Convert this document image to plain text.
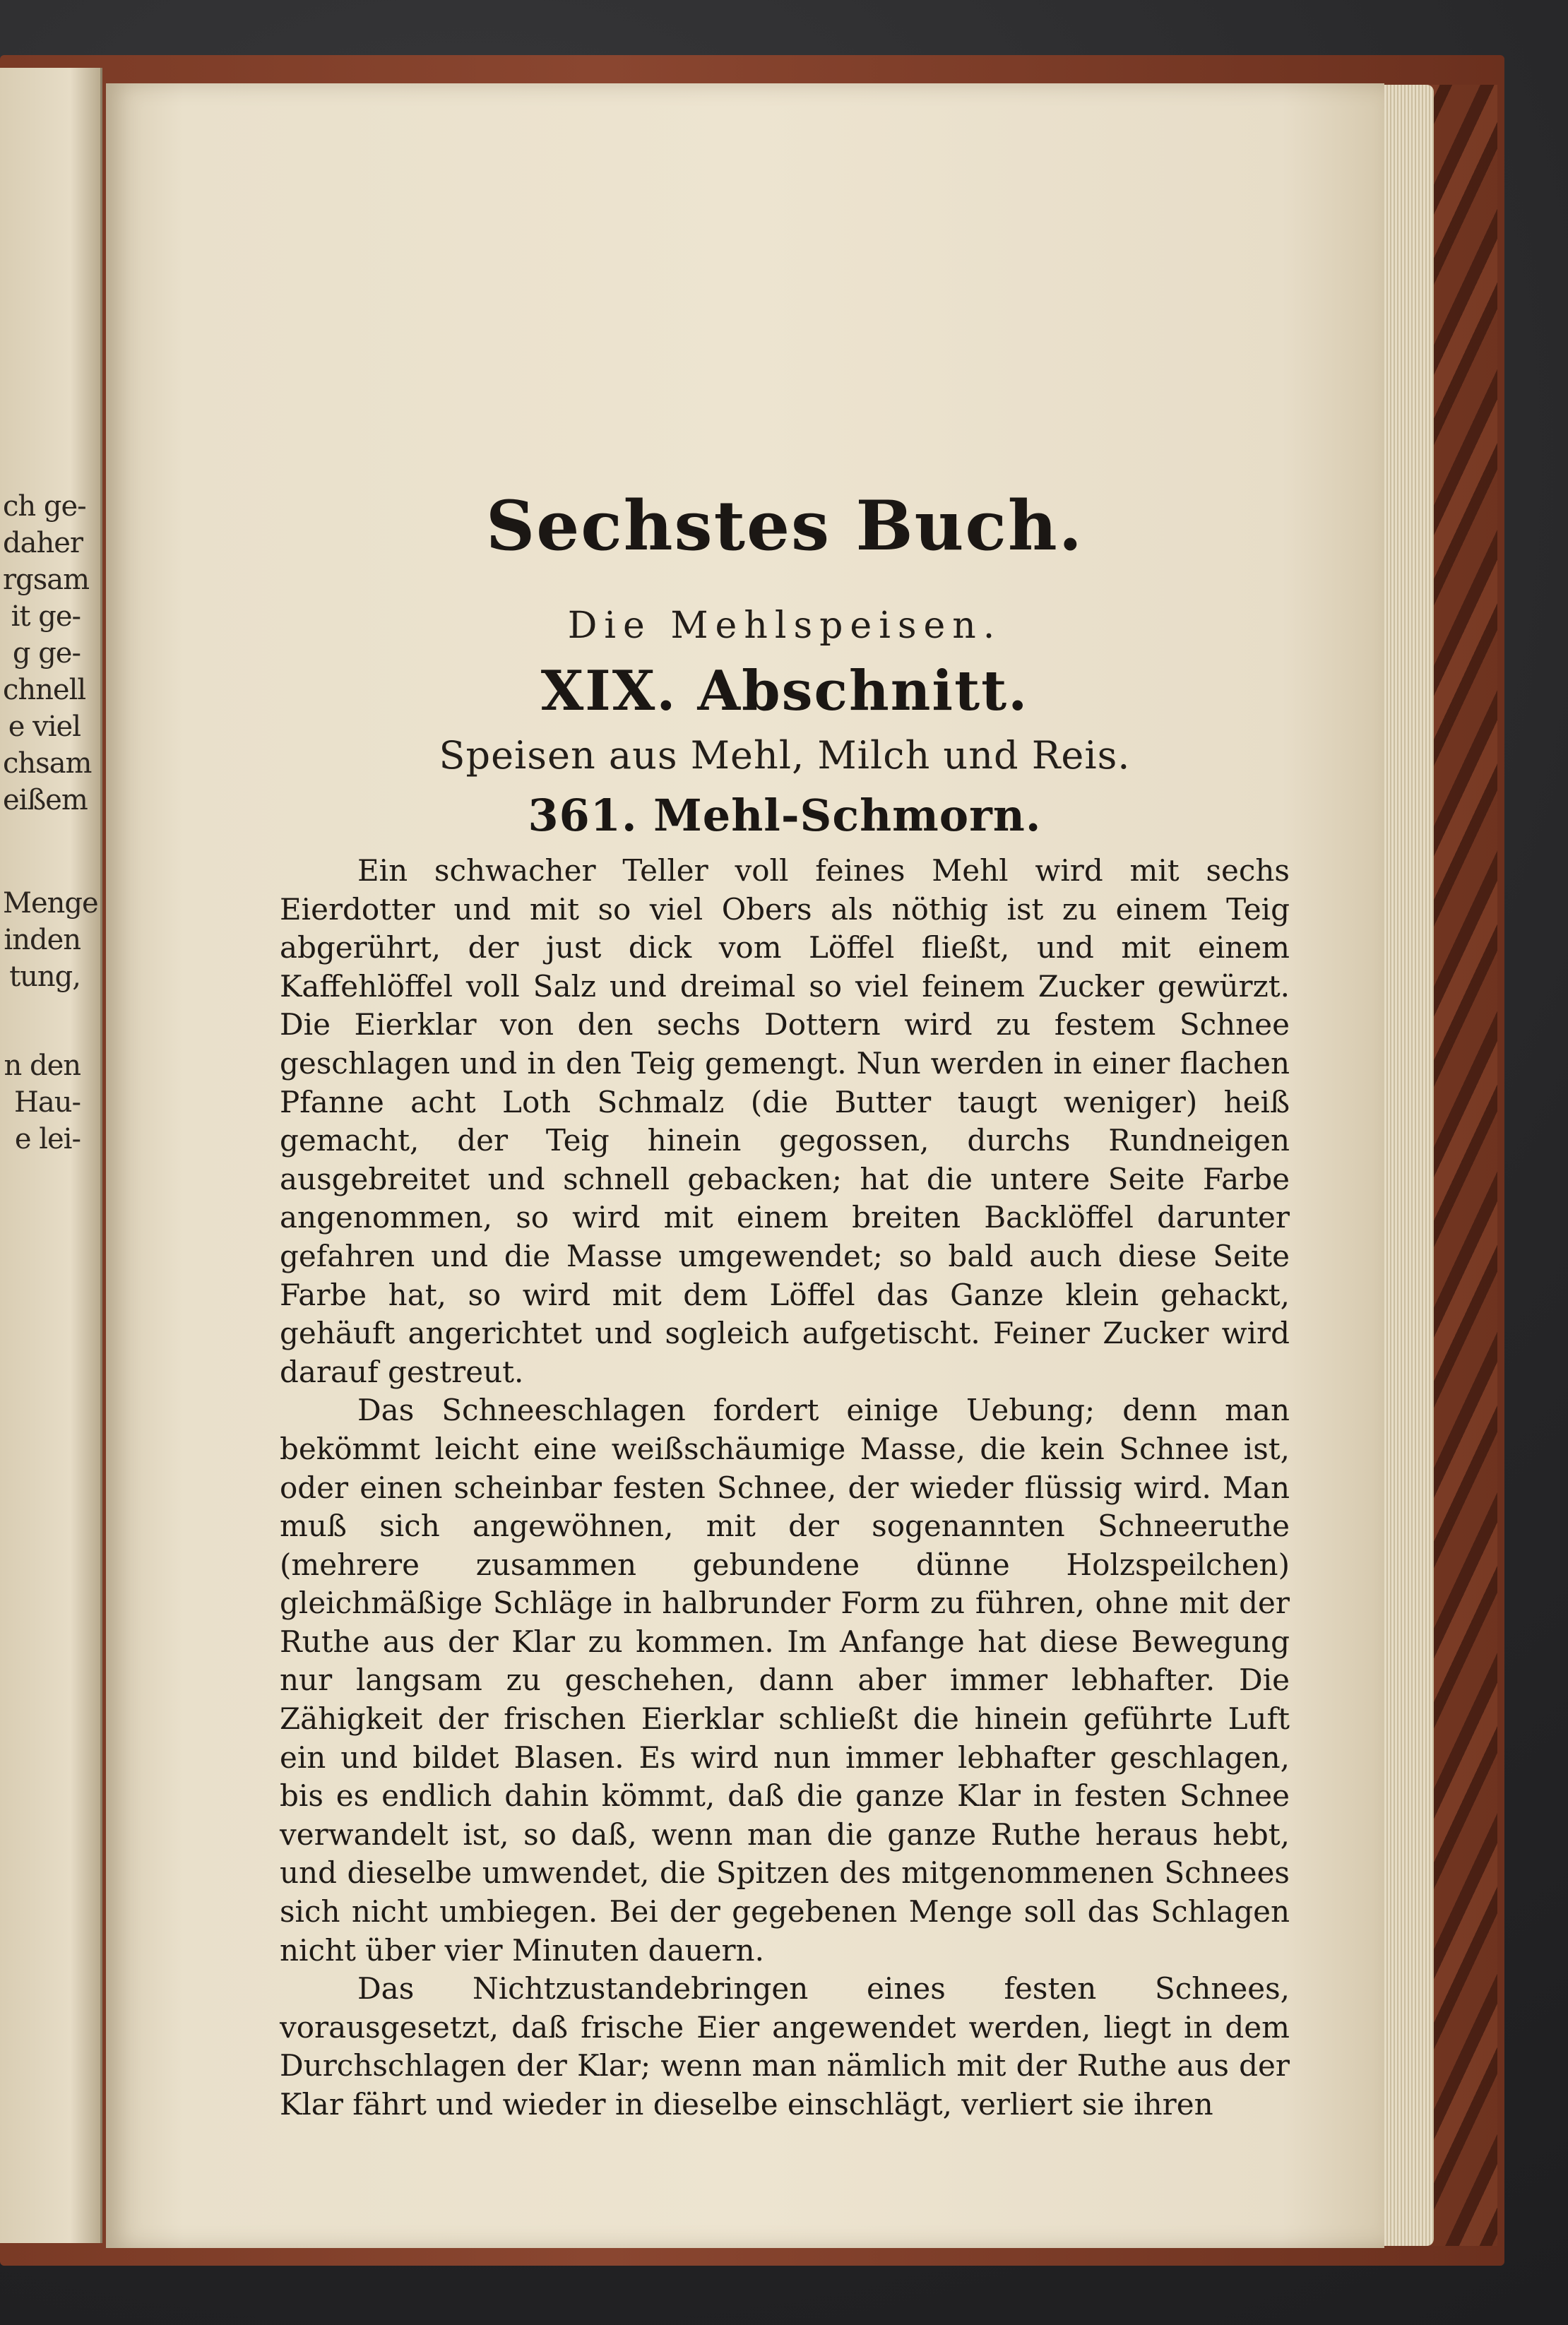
ch ge-
daher
rgsam
it ge-
g ge-
chnell
e viel
chsam
eißem
Menge
inden
tung,
n den
Hau-
e lei-
Sechstes Buch.
Die Mehlspeisen.
XIX. Abschnitt.
Speisen aus Mehl, Milch und Reis.
361. Mehl-Schmorn.

Ein schwacher Teller voll feines Mehl wird mit sechs Eierdotter und mit so viel Obers als nöthig ist zu einem Teig abgerührt, der just dick vom Löffel fließt, und mit einem Kaffehlöffel voll Salz und dreimal so viel feinem Zucker gewürzt. Die Eierklar von den sechs Dottern wird zu festem Schnee geschlagen und in den Teig gemengt. Nun werden in einer flachen Pfanne acht Loth Schmalz (die Butter taugt weniger) heiß gemacht, der Teig hinein gegossen, durchs Rundneigen ausgebreitet und schnell gebacken; hat die untere Seite Farbe angenommen, so wird mit einem breiten Backlöffel darunter gefahren und die Masse umgewendet; so bald auch diese Seite Farbe hat, so wird mit dem Löffel das Ganze klein gehackt, gehäuft angerichtet und sogleich aufgetischt. Feiner Zucker wird darauf gestreut.

Das Schneeschlagen fordert einige Uebung; denn man bekömmt leicht eine weißschäumige Masse, die kein Schnee ist, oder einen scheinbar festen Schnee, der wieder flüssig wird. Man muß sich angewöhnen, mit der sogenannten Schneeruthe (mehrere zusammen gebundene dünne Holzspeilchen) gleichmäßige Schläge in halbrunder Form zu führen, ohne mit der Ruthe aus der Klar zu kommen. Im Anfange hat diese Bewegung nur langsam zu geschehen, dann aber immer lebhafter. Die Zähigkeit der frischen Eierklar schließt die hinein geführte Luft ein und bildet Blasen. Es wird nun immer lebhafter geschlagen, bis es endlich dahin kömmt, daß die ganze Klar in festen Schnee verwandelt ist, so daß, wenn man die ganze Ruthe heraus hebt, und dieselbe umwendet, die Spitzen des mitgenommenen Schnees sich nicht umbiegen. Bei der gegebenen Menge soll das Schlagen nicht über vier Minuten dauern.

Das Nichtzustandebringen eines festen Schnees, vorausgesetzt, daß frische Eier angewendet werden, liegt in dem Durchschlagen der Klar; wenn man nämlich mit der Ruthe aus der Klar fährt und wieder in dieselbe einschlägt, verliert sie ihren
